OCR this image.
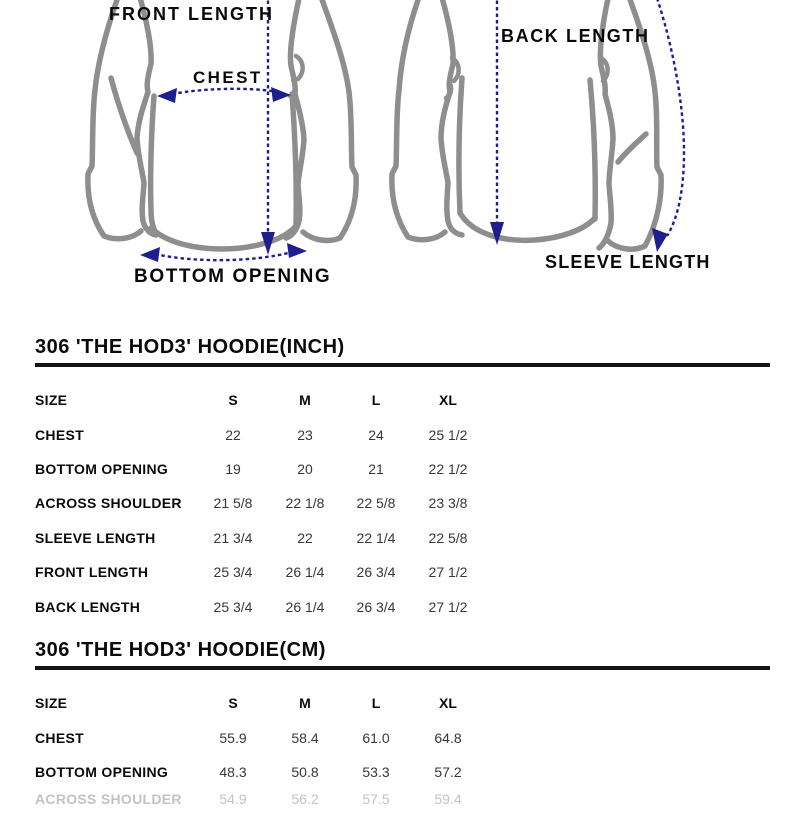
FRONT LENGTH
CHEST
BOTTOM OPENING
BACK LENGTH
SLEEVE LENGTH
306 'THE HOD3' HOODIE(INCH)
SIZE	S	M	L	XL
CHEST	22	23	24	25 1/2
BOTTOM OPENING	19	20	21	22 1/2
ACROSS SHOULDER	21 5/8	22 1/8	22 5/8	23 3/8
SLEEVE LENGTH	21 3/4	22	22 1/4	22 5/8
FRONT LENGTH	25 3/4	26 1/4	26 3/4	27 1/2
BACK LENGTH	25 3/4	26 1/4	26 3/4	27 1/2
306 'THE HOD3' HOODIE(CM)
SIZE	S	M	L	XL
CHEST	55.9	58.4	61.0	64.8
BOTTOM OPENING	48.3	50.8	53.3	57.2
ACROSS SHOULDER	54.9	56.2	57.5	59.4
